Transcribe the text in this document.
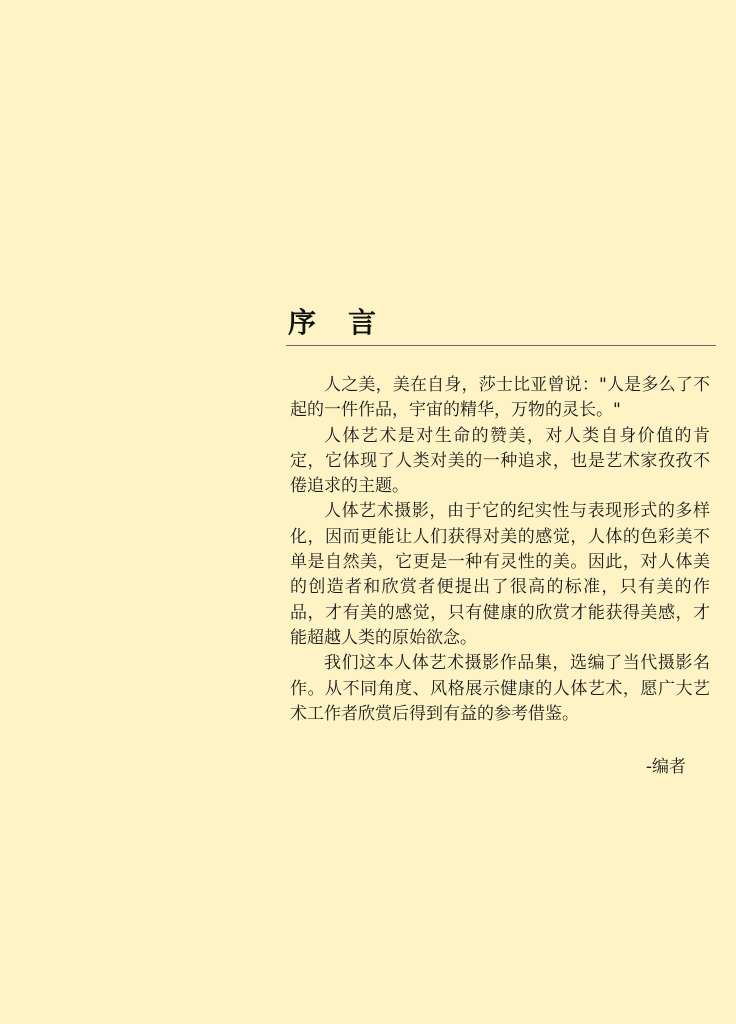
序言

人之美，美在自身，莎士比亚曾说："人是多么了不起的一件作品，宇宙的精华，万物的灵长。"

人体艺术是对生命的赞美，对人类自身价值的肯定，它体现了人类对美的一种追求，也是艺术家孜孜不倦追求的主题。

人体艺术摄影，由于它的纪实性与表现形式的多样化，因而更能让人们获得对美的感觉，人体的色彩美不单是自然美，它更是一种有灵性的美。因此，对人体美的创造者和欣赏者便提出了很高的标准，只有美的作品，才有美的感觉，只有健康的欣赏才能获得美感，才能超越人类的原始欲念。

我们这本人体艺术摄影作品集，选编了当代摄影名作。从不同角度、风格展示健康的人体艺术，愿广大艺术工作者欣赏后得到有益的参考借鉴。

-编者
